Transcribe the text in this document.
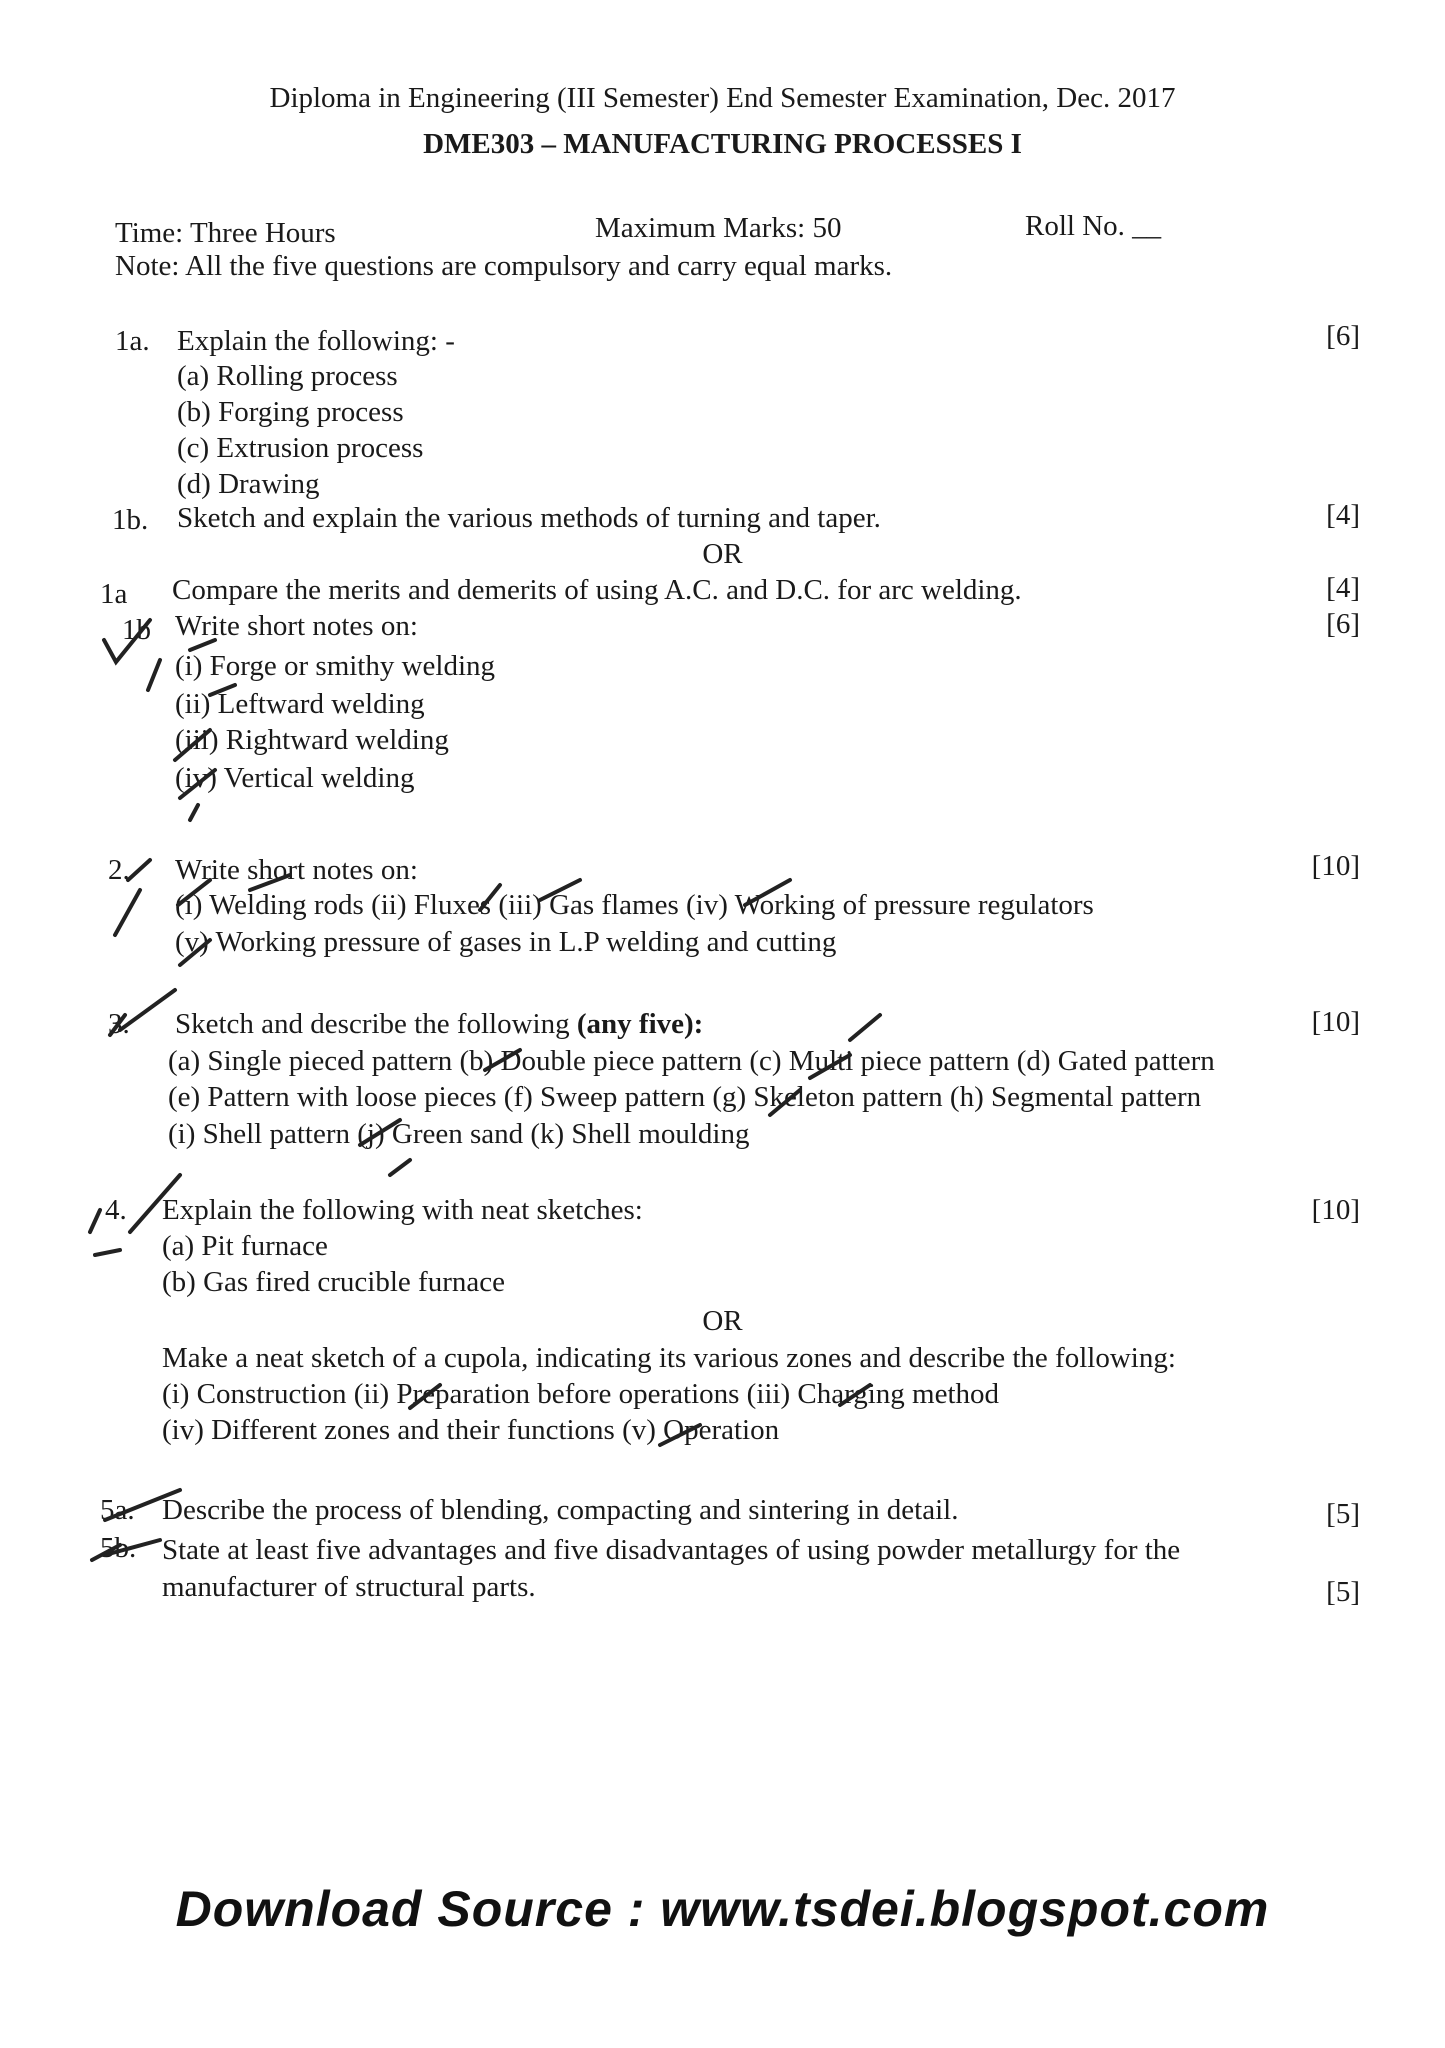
Diploma in Engineering (III Semester) End Semester Examination, Dec. 2017
DME303 – MANUFACTURING PROCESSES I
Time: Three Hours	Maximum Marks: 50	Roll No. __
Note: All the five questions are compulsory and carry equal marks.
1a. Explain the following: -	[6]
(a) Rolling process
(b) Forging process
(c) Extrusion process
(d) Drawing
1b. Sketch and explain the various methods of turning and taper.	[4]
OR
1a Compare the merits and demerits of using A.C. and D.C. for arc welding.	[4]
1b Write short notes on:	[6]
(i) Forge or smithy welding
(ii) Leftward welding
(iii) Rightward welding
(iv) Vertical welding
2. Write short notes on:	[10]
(i) Welding rods (ii) Fluxes (iii) Gas flames (iv) Working of pressure regulators
(v) Working pressure of gases in L.P welding and cutting
3. Sketch and describe the following (any five):	[10]
(a) Single pieced pattern (b) Double piece pattern (c) Multi piece pattern (d) Gated pattern
(e) Pattern with loose pieces (f) Sweep pattern (g) Skeleton pattern (h) Segmental pattern
(i) Shell pattern (j) Green sand (k) Shell moulding
4. Explain the following with neat sketches:	[10]
(a) Pit furnace
(b) Gas fired crucible furnace
OR
Make a neat sketch of a cupola, indicating its various zones and describe the following:
(i) Construction (ii) Preparation before operations (iii) Charging method
(iv) Different zones and their functions (v) Operation
5a. Describe the process of blending, compacting and sintering in detail.	[5]
5b. State at least five advantages and five disadvantages of using powder metallurgy for the
manufacturer of structural parts.	[5]
Download Source : www.tsdei.blogspot.com
